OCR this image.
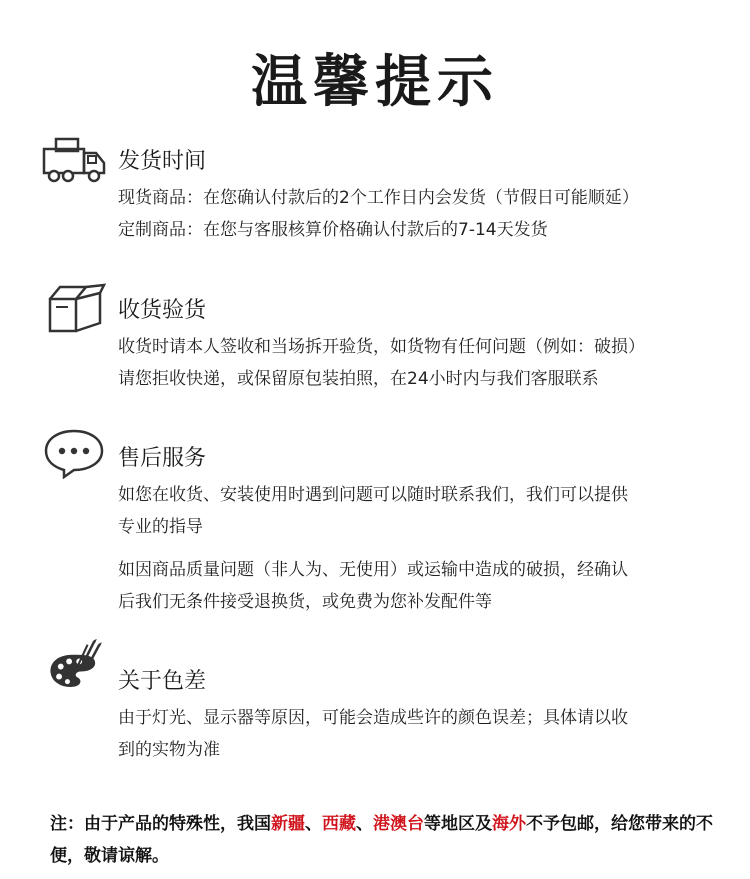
温馨提示
发货时间
现货商品：在您确认付款后的2个工作日内会发货（节假日可能顺延）
定制商品：在您与客服核算价格确认付款后的7-14天发货
收货验货
收货时请本人签收和当场拆开验货，如货物有任何问题（例如：破损）
请您拒收快递，或保留原包装拍照，在24小时内与我们客服联系
售后服务
如您在收货、安装使用时遇到问题可以随时联系我们，我们可以提供
专业的指导
如因商品质量问题（非人为、无使用）或运输中造成的破损，经确认
后我们无条件接受退换货，或免费为您补发配件等
关于色差
由于灯光、显示器等原因，可能会造成些许的颜色误差；具体请以收
到的实物为准
注：由于产品的特殊性，我国新疆、西藏、港澳台等地区及海外不予包邮，给您带来的不便，敬请谅解。
